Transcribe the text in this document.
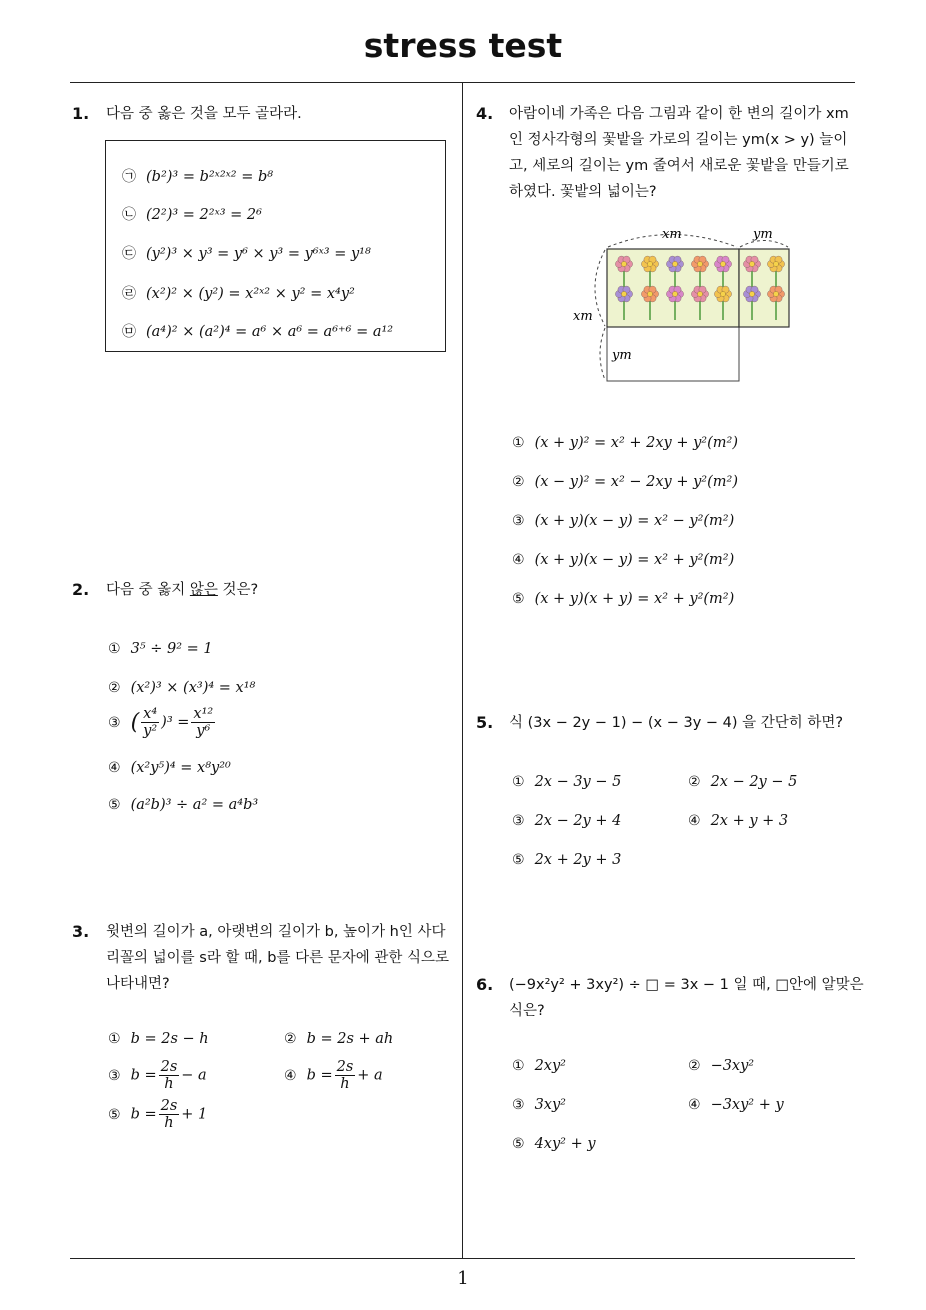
stress test
1
1. 다음 중 옳은 것을 모두 골라라.
㉠ (b²)³ = b²ˣ²ˣ² = b⁸
㉡ (2²)³ = 2²ˣ³ = 2⁶
㉢ (y²)³ × y³ = y⁶ × y³ = y⁶ˣ³ = y¹⁸
㉣ (x²)² × (y²) = x²ˣ² × y² = x⁴y²
㉤ (a⁴)² × (a²)⁴ = a⁶ × a⁶ = a⁶⁺⁶ = a¹²
2. 다음 중 옳지 않은 것은?
① 3⁵ ÷ 9² = 1
② (x²)³ × (x³)⁴ = x¹⁸
③ ( $\frac{\text{x⁴}}{\text{y²}} )^3 = \frac{\text{x¹²}}{\text{y⁶}}$
④ (x²y⁵)⁴ = x⁸y²⁰
⑤ (a²b)³ ÷ a² = a⁴b³
3. 윗변의 길이가 a, 아랫변의 길이가 b, 높이가 h인 사다
리꼴의 넓이를 s라 할 때, b를 다른 문자에 관한 식으로
나타내면?
① b = 2s − h	② b = 2s + ah
③ $b = \frac{2s}{h} - a$	④ $b = \frac{2s}{h} + a$
⑤ $b = \frac{2s}{h} + 1$
4. 아람이네 가족은 다음 그림과 같이 한 변의 길이가 xm
인 정사각형의 꽃밭을 가로의 길이는 ym(x > y) 늘이
고, 세로의 길이는 ym 줄여서 새로운 꽃밭을 만들기로
하였다. 꽃밭의 넓이는?
xm	ym
xm
ym
① (x + y)² = x² + 2xy + y²(m²)
② (x − y)² = x² − 2xy + y²(m²)
③ (x + y)(x − y) = x² − y²(m²)
④ (x + y)(x − y) = x² + y²(m²)
⑤ (x + y)(x + y) = x² + y²(m²)
5. 식 (3x − 2y − 1) − (x − 3y − 4) 을 간단히 하면?
① 2x − 3y − 5	② 2x − 2y − 5
③ 2x − 2y + 4	④ 2x + y + 3
⑤ 2x + 2y + 3
6. (−9x²y² + 3xy²) ÷ □ = 3x − 1 일 때, □안에 알맞은
식은?
① 2xy²	② −3xy²
③ 3xy²	④ −3xy² + y
⑤ 4xy² + y
